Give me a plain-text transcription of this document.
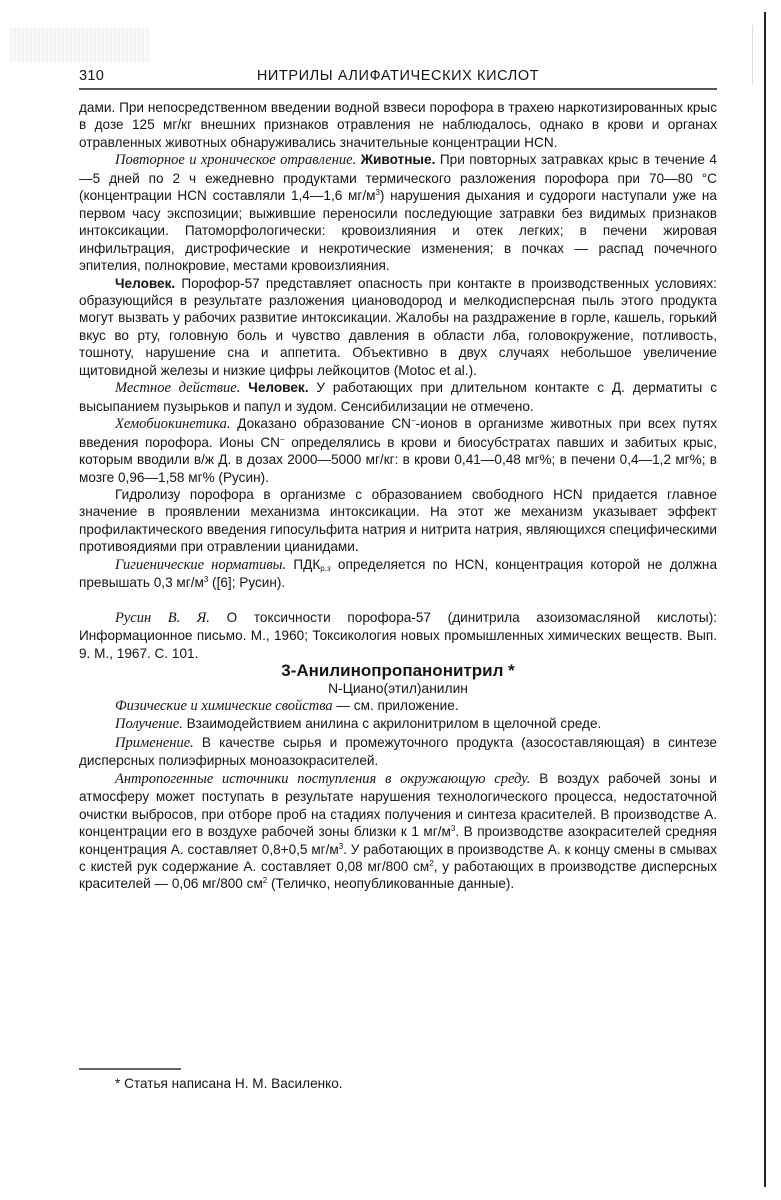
310	НИТРИЛЫ АЛИФАТИЧЕСКИХ КИСЛОТ

дами. При непосредственном введении водной взвеси порофора в трахею наркотизированных крыс в дозе 125 мг/кг внешних признаков отравления не наблюдалось, однако в крови и органах отравленных животных обнаруживались значительные концентрации HCN.

Повторное и хроническое отравление. Животные. При повторных затравках крыс в течение 4—5 дней по 2 ч ежедневно продуктами термического разложения порофора при 70—80 °С (концентрации HCN составляли 1,4—1,6 $мг/м^3$) нарушения дыхания и судороги наступали уже на первом часу экспозиции; выжившие переносили последующие затравки без видимых признаков интоксикации. Патоморфологически: кровоизлияния и отек легких; в печени жировая инфильтрация, дистрофические и некротические изменения; в почках — распад почечного эпителия, полнокровие, местами кровоизлияния.

Человек. Порофор-57 представляет опасность при контакте в производственных условиях: образующийся в результате разложения циановодород и мелкодисперсная пыль этого продукта могут вызвать у рабочих развитие интоксикации. Жалобы на раздражение в горле, кашель, горький вкус во рту, головную боль и чувство давления в области лба, головокружение, потливость, тошноту, нарушение сна и аппетита. Объективно в двух случаях небольшое увеличение щитовидной железы и низкие цифры лейкоцитов (Motoc et al.).

Местное действие. Человек. У работающих при длительном контакте с Д. дерматиты с высыпанием пузырьков и папул и зудом. Сенсибилизации не отмечено.

Хемобиокинетика. Доказано образование CN−-ионов в организме животных при всех путях введения порофора. Ионы CN− определялись в крови и биосубстратах павших и забитых крыс, которым вводили в/ж Д. в дозах 2000—5000 мг/кг: в крови 0,41—0,48 мг%; в печени 0,4—1,2 мг%; в мозге 0,96—1,58 мг% (Русин).

Гидролизу порофора в организме с образованием свободного HCN придается главное значение в проявлении механизма интоксикации. На этот же механизм указывает эффект профилактического введения гипосульфита натрия и нитрита натрия, являющихся специфическими противоядиями при отравлении цианидами.

Гигиенические нормативы. $ПДК_{р.з}$ определяется по HCN, концентрация которой не должна превышать 0,3 $мг/м^3$ ([6]; Русин).

Русин В. Я. О токсичности порофора-57 (динитрила азоизомасляной кислоты): Информационное письмо. М., 1960; Токсикология новых промышленных химических веществ. Вып. 9. М., 1967. С. 101.

3-Анилинопропанонитрил *

N-Циано(этил)анилин

Физические и химические свойства — см. приложение.

Получение. Взаимодействием анилина с акрилонитрилом в щелочной среде.

Применение. В качестве сырья и промежуточного продукта (азосоставляющая) в синтезе дисперсных полиэфирных моноазокрасителей.

Антропогенные источники поступления в окружающую среду. В воздух рабочей зоны и атмосферу может поступать в результате нарушения технологического процесса, недостаточной очистки выбросов, при отборе проб на стадиях получения и синтеза красителей. В производстве А. концентрации его в воздухе рабочей зоны близки к 1 $мг/м^3$. В производстве азокрасителей средняя концентрация А. составляет 0,8+0,5 $мг/м^3$. У работающих в производстве А. к концу смены в смывах с кистей рук содержание А. составляет 0,08 мг/800 $см^2$, у работающих в производстве дисперсных красителей — 0,06 мг/800 $см^2$ (Теличко, неопубликованные данные).

* Статья написана Н. М. Василенко.
